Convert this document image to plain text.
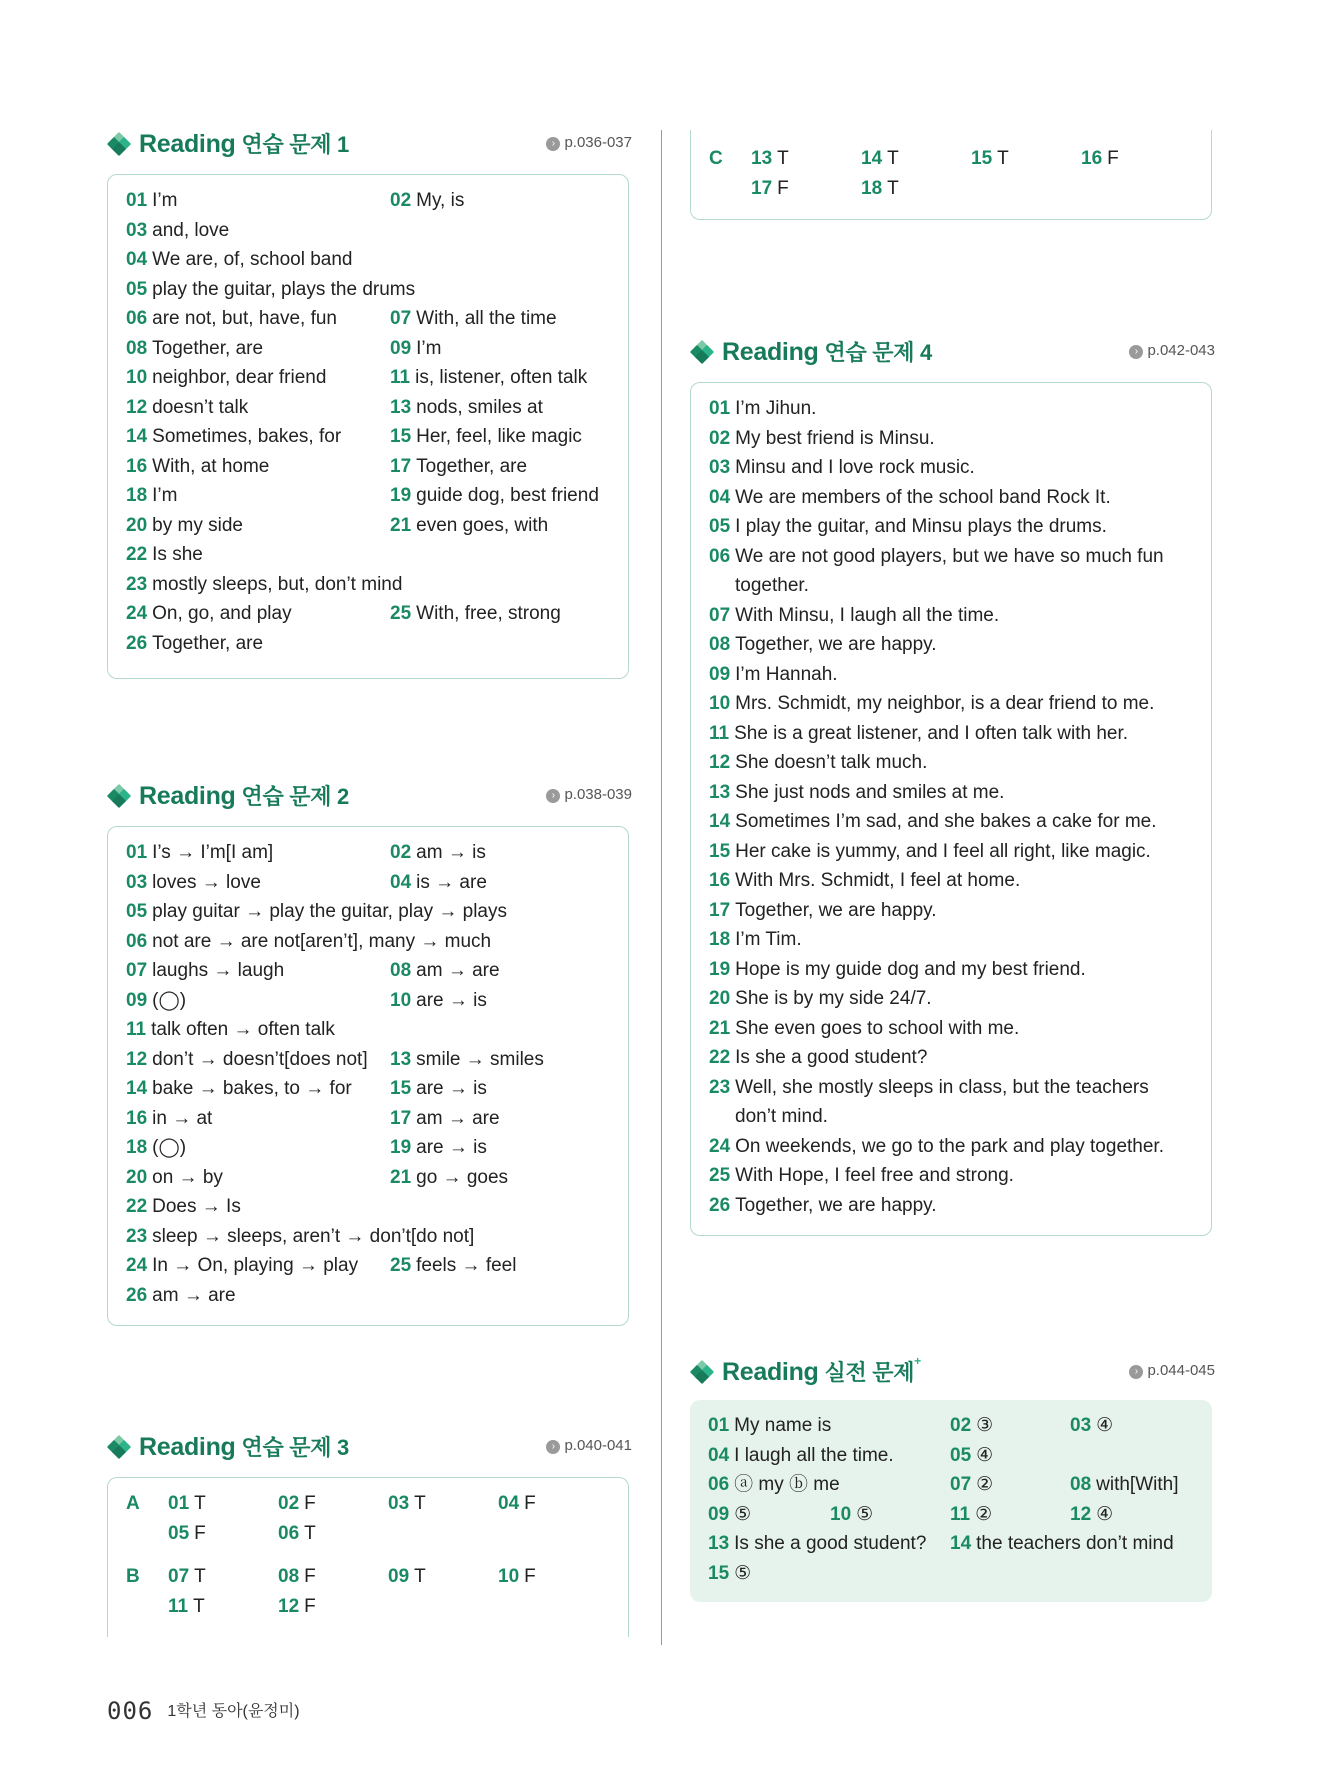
Reading 연습 문제 1	› p.036-037
01 I’m	02 My, is
03 and, love
04 We are, of, school band
05 play the guitar, plays the drums
06 are not, but, have, fun	07 With, all the time
08 Together, are	09 I’m
10 neighbor, dear friend	11 is, listener, often talk
12 doesn’t talk	13 nods, smiles at
14 Sometimes, bakes, for	15 Her, feel, like magic
16 With, at home	17 Together, are
18 I’m	19 guide dog, best friend
20 by my side	21 even goes, with
22 Is she
23 mostly sleeps, but, don’t mind
24 On, go, and play	25 With, free, strong
26 Together, are
Reading 연습 문제 2	› p.038-039
01 I’s → I’m[I am]	02 am → is
03 loves → love	04 is → are
05 play guitar → play the guitar, play → plays
06 not are → are not[aren’t], many → much
07 laughs → laugh	08 am → are
09 (◯)	10 are → is
11 talk often → often talk
12 don’t → doesn’t[does not] 13 smile → smiles
14 bake → bakes, to → for 15 are → is
16 in → at	17 am → are
18 (◯)	19 are → is
20 on → by	21 go → goes
22 Does → Is
23 sleep → sleeps, aren’t → don’t[do not]
24 In → On, playing → play 25 feels → feel
26 am → are
Reading 연습 문제 3	› p.040-041
A 01 T	02 F	03 T	04 F
05 F	06 T
B 07 T	08 F	09 T	10 F
11 T	12 F
C 13 T	14 T	15 T	16 F
17 F	18 T
Reading 연습 문제 4	› p.042-043
01 I’m Jihun.
02 My best friend is Minsu.
03 Minsu and I love rock music.
04 We are members of the school band Rock It.
05 I play the guitar, and Minsu plays the drums.
06 We are not good players, but we have so much fun
together.
07 With Minsu, I laugh all the time.
08 Together, we are happy.
09 I’m Hannah.
10 Mrs. Schmidt, my neighbor, is a dear friend to me.
11 She is a great listener, and I often talk with her.
12 She doesn’t talk much.
13 She just nods and smiles at me.
14 Sometimes I’m sad, and she bakes a cake for me.
15 Her cake is yummy, and I feel all right, like magic.
16 With Mrs. Schmidt, I feel at home.
17 Together, we are happy.
18 I’m Tim.
19 Hope is my guide dog and my best friend.
20 She is by my side 24/7.
21 She even goes to school with me.
22 Is she a good student?
23 Well, she mostly sleeps in class, but the teachers
don’t mind.
24 On weekends, we go to the park and play together.
25 With Hope, I feel free and strong.
26 Together, we are happy.
Reading 실전 문제+
› p.044-045
01 My name is	02 ③	03 ④
04 I laugh all the time.	05 ④
06 ⓐ my ⓑ me	07 ②	08 with[With]
09 ⑤	10 ⑤	11 ②	12 ④
13 Is she a good student? 14 the teachers don’t mind
15 ⑤
006 1학년 동아(윤정미)
